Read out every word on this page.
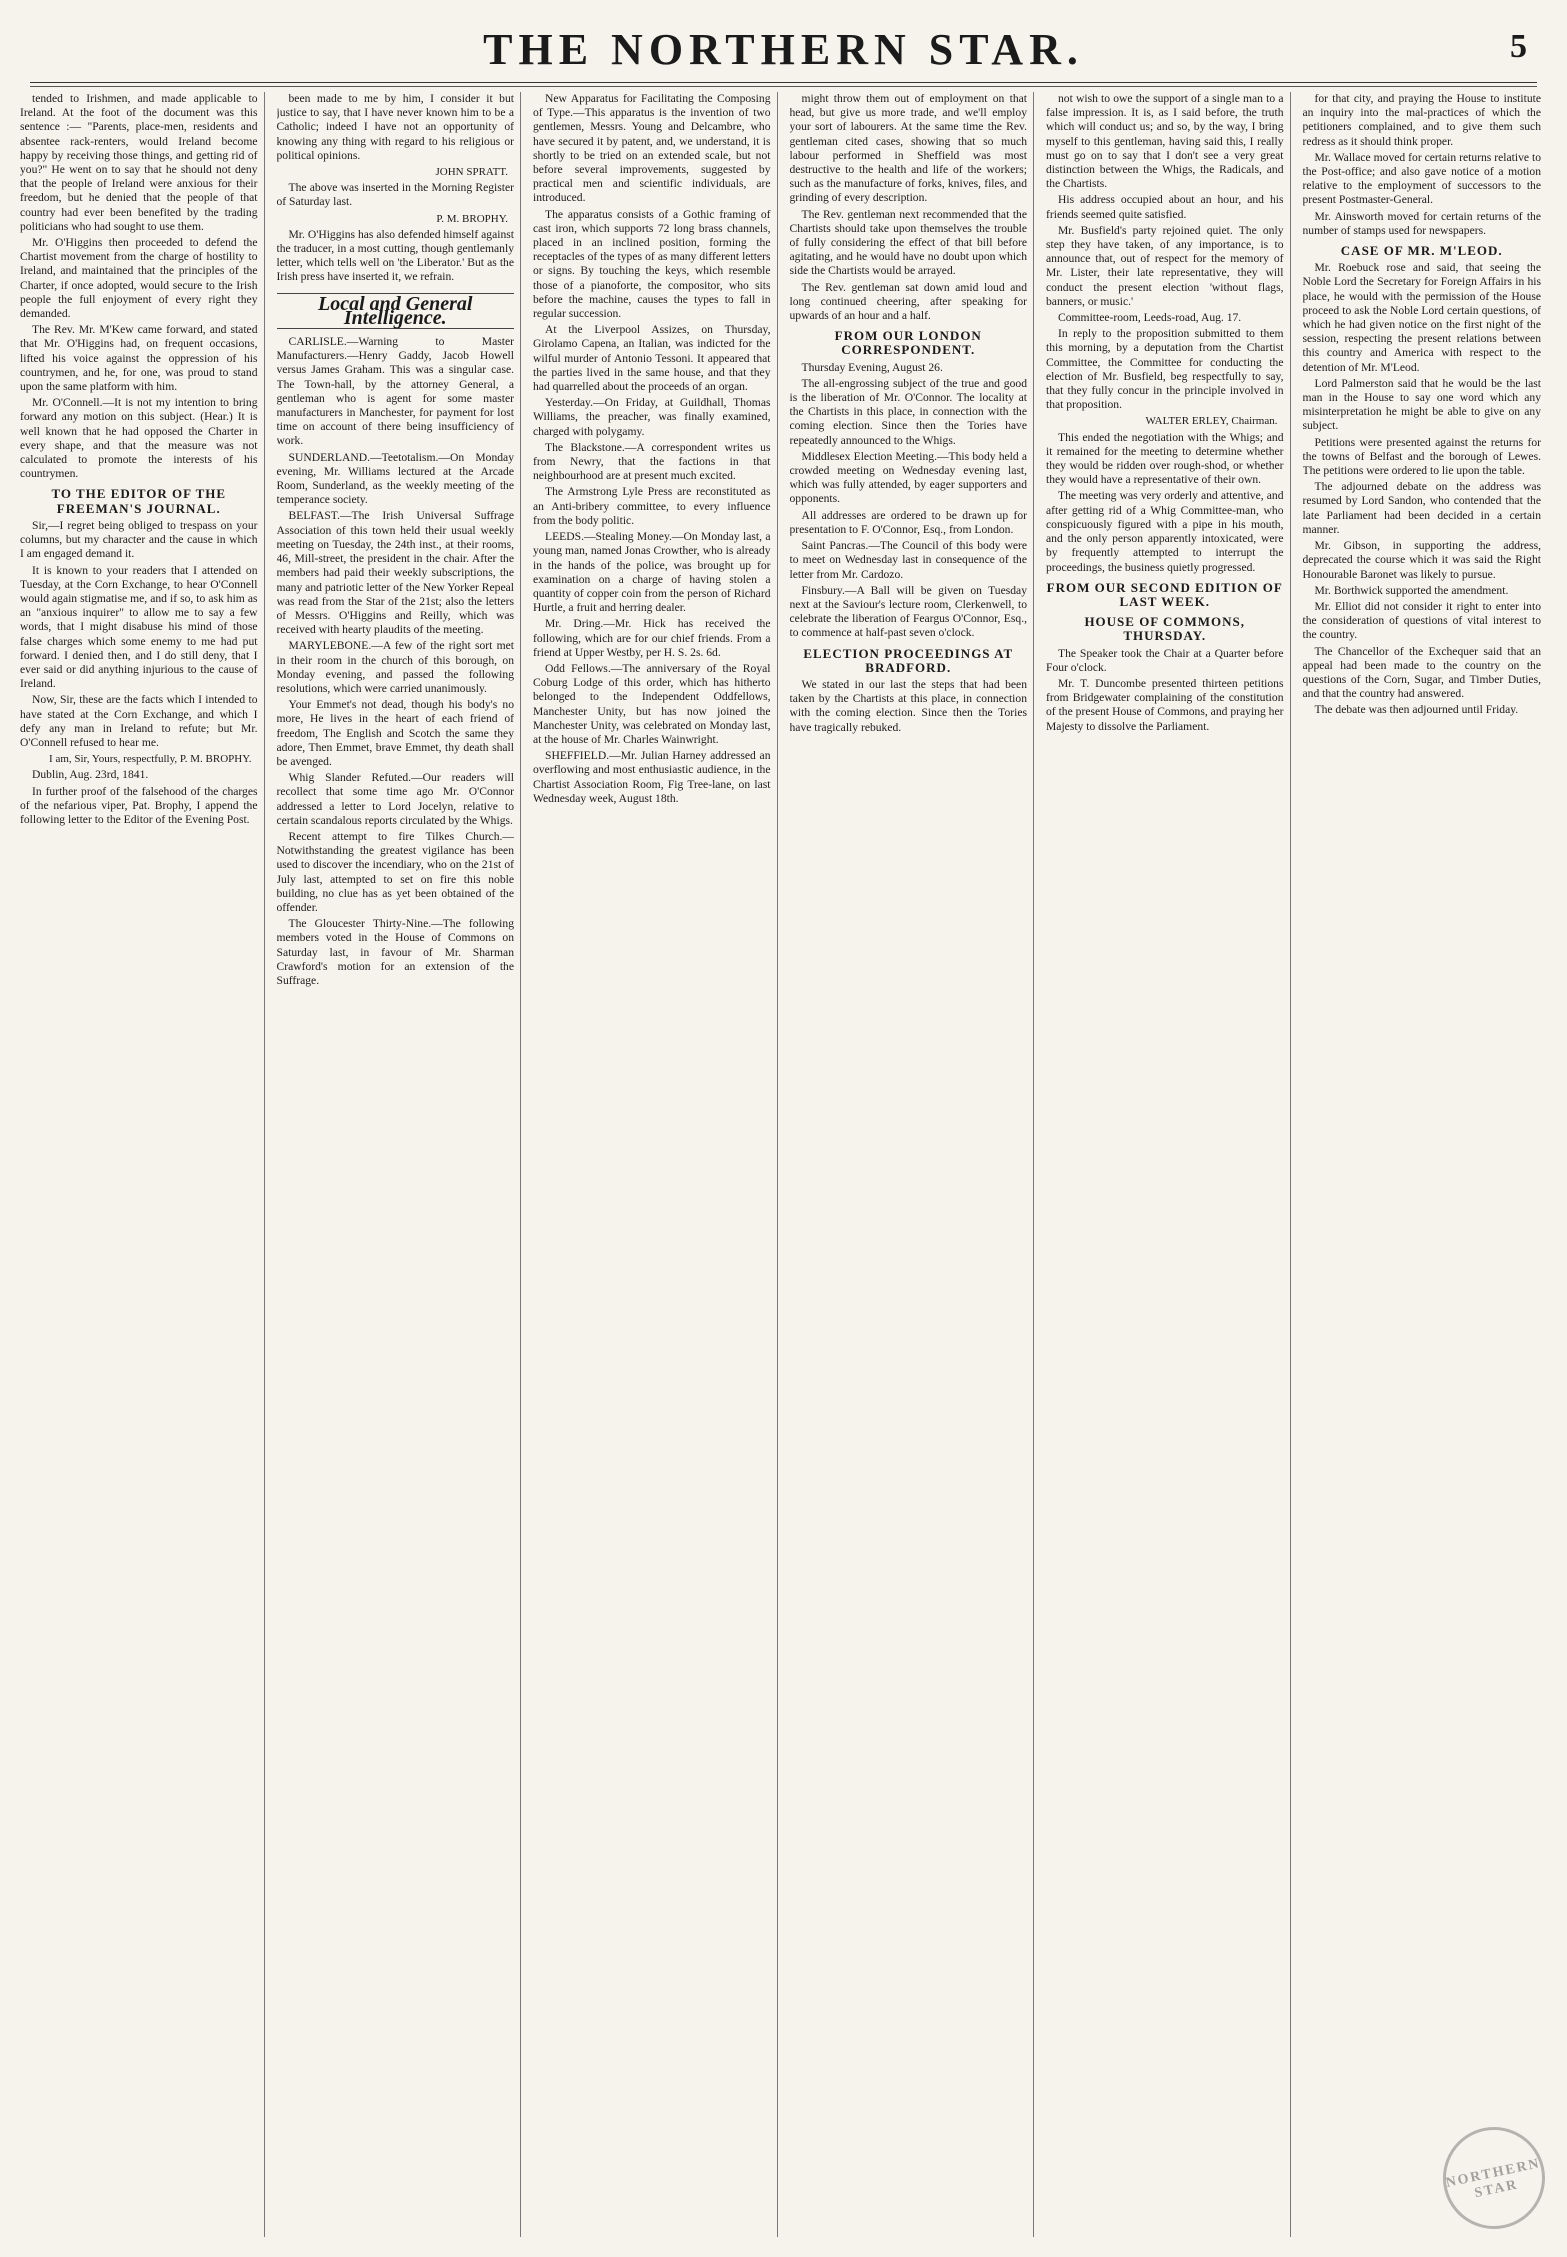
THE NORTHERN STAR.	5

tended to Irishmen, and made applicable to Ireland. At the foot of the document was this sentence :— "Parents, place-men, residents and absentee rack-renters, would Ireland become happy by receiving those things, and getting rid of you?" He went on to say that he should not deny that the people of Ireland were anxious for their freedom, but he denied that the people of that country had ever been benefited by the trading politicians who had sought to use them.

Mr. O'Higgins then proceeded to defend the Chartist movement from the charge of hostility to Ireland, and maintained that the principles of the Charter, if once adopted, would secure to the Irish people the full enjoyment of every right they demanded.

The Rev. Mr. M'Kew came forward, and stated that Mr. O'Higgins had, on frequent occasions, lifted his voice against the oppression of his countrymen, and he, for one, was proud to stand upon the same platform with him.

Mr. O'Connell.—It is not my intention to bring forward any motion on this subject. (Hear.) It is well known that he had opposed the Charter in every shape, and that the measure was not calculated to promote the interests of his countrymen.

TO THE EDITOR OF THE FREEMAN'S JOURNAL.

Sir,—I regret being obliged to trespass on your columns, but my character and the cause in which I am engaged demand it.

It is known to your readers that I attended on Tuesday, at the Corn Exchange, to hear O'Connell would again stigmatise me, and if so, to ask him as an "anxious inquirer" to allow me to say a few words, that I might disabuse his mind of those false charges which some enemy to me had put forward. I denied then, and I do still deny, that I ever said or did anything injurious to the cause of Ireland.

Now, Sir, these are the facts which I intended to have stated at the Corn Exchange, and which I defy any man in Ireland to refute; but Mr. O'Connell refused to hear me.

I am, Sir, Yours, respectfully, P. M. BROPHY.

Dublin, Aug. 23rd, 1841.

In further proof of the falsehood of the charges of the nefarious viper, Pat. Brophy, I append the following letter to the Editor of the Evening Post.

been made to me by him, I consider it but justice to say, that I have never known him to be a Catholic; indeed I have not an opportunity of knowing any thing with regard to his religious or political opinions.

JOHN SPRATT.

The above was inserted in the Morning Register of Saturday last.

P. M. BROPHY.

Mr. O'Higgins has also defended himself against the traducer, in a most cutting, though gentlemanly letter, which tells well on 'the Liberator.' But as the Irish press have inserted it, we refrain.

Local and General Intelligence.

CARLISLE.—Warning to Master Manufacturers.—Henry Gaddy, Jacob Howell versus James Graham. This was a singular case. The Town-hall, by the attorney General, a gentleman who is agent for some master manufacturers in Manchester, for payment for lost time on account of there being insufficiency of work.

SUNDERLAND.—Teetotalism.—On Monday evening, Mr. Williams lectured at the Arcade Room, Sunderland, as the weekly meeting of the temperance society.

BELFAST.—The Irish Universal Suffrage Association of this town held their usual weekly meeting on Tuesday, the 24th inst., at their rooms, 46, Mill-street, the president in the chair. After the members had paid their weekly subscriptions, the many and patriotic letter of the New Yorker Repeal was read from the Star of the 21st; also the letters of Messrs. O'Higgins and Reilly, which was received with hearty plaudits of the meeting.

MARYLEBONE.—A few of the right sort met in their room in the church of this borough, on Monday evening, and passed the following resolutions, which were carried unanimously.

Your Emmet's not dead, though his body's no more, He lives in the heart of each friend of freedom, The English and Scotch the same they adore, Then Emmet, brave Emmet, thy death shall be avenged.

Whig Slander Refuted.—Our readers will recollect that some time ago Mr. O'Connor addressed a letter to Lord Jocelyn, relative to certain scandalous reports circulated by the Whigs.

Recent attempt to fire Tilkes Church.—Notwithstanding the greatest vigilance has been used to discover the incendiary, who on the 21st of July last, attempted to set on fire this noble building, no clue has as yet been obtained of the offender.

The Gloucester Thirty-Nine.—The following members voted in the House of Commons on Saturday last, in favour of Mr. Sharman Crawford's motion for an extension of the Suffrage.

New Apparatus for Facilitating the Composing of Type.—This apparatus is the invention of two gentlemen, Messrs. Young and Delcambre, who have secured it by patent, and, we understand, it is shortly to be tried on an extended scale, but not before several improvements, suggested by practical men and scientific individuals, are introduced.

The apparatus consists of a Gothic framing of cast iron, which supports 72 long brass channels, placed in an inclined position, forming the receptacles of the types of as many different letters or signs. By touching the keys, which resemble those of a pianoforte, the compositor, who sits before the machine, causes the types to fall in regular succession.

At the Liverpool Assizes, on Thursday, Girolamo Capena, an Italian, was indicted for the wilful murder of Antonio Tessoni. It appeared that the parties lived in the same house, and that they had quarrelled about the proceeds of an organ.

Yesterday.—On Friday, at Guildhall, Thomas Williams, the preacher, was finally examined, charged with polygamy.

The Blackstone.—A correspondent writes us from Newry, that the factions in that neighbourhood are at present much excited.

The Armstrong Lyle Press are reconstituted as an Anti-bribery committee, to every influence from the body politic.

LEEDS.—Stealing Money.—On Monday last, a young man, named Jonas Crowther, who is already in the hands of the police, was brought up for examination on a charge of having stolen a quantity of copper coin from the person of Richard Hurtle, a fruit and herring dealer.

Mr. Dring.—Mr. Hick has received the following, which are for our chief friends. From a friend at Upper Westby, per H. S. 2s. 6d.

Odd Fellows.—The anniversary of the Royal Coburg Lodge of this order, which has hitherto belonged to the Independent Oddfellows, Manchester Unity, but has now joined the Manchester Unity, was celebrated on Monday last, at the house of Mr. Charles Wainwright.

SHEFFIELD.—Mr. Julian Harney addressed an overflowing and most enthusiastic audience, in the Chartist Association Room, Fig Tree-lane, on last Wednesday week, August 18th.

might throw them out of employment on that head, but give us more trade, and we'll employ your sort of labourers. At the same time the Rev. gentleman cited cases, showing that so much labour performed in Sheffield was most destructive to the health and life of the workers; such as the manufacture of forks, knives, files, and grinding of every description.

The Rev. gentleman next recommended that the Chartists should take upon themselves the trouble of fully considering the effect of that bill before agitating, and he would have no doubt upon which side the Chartists would be arrayed.

The Rev. gentleman sat down amid loud and long continued cheering, after speaking for upwards of an hour and a half.

FROM OUR LONDON CORRESPONDENT.

Thursday Evening, August 26.

The all-engrossing subject of the true and good is the liberation of Mr. O'Connor. The locality at the Chartists in this place, in connection with the coming election. Since then the Tories have repeatedly announced to the Whigs.

Middlesex Election Meeting.—This body held a crowded meeting on Wednesday evening last, which was fully attended, by eager supporters and opponents.

All addresses are ordered to be drawn up for presentation to F. O'Connor, Esq., from London.

Saint Pancras.—The Council of this body were to meet on Wednesday last in consequence of the letter from Mr. Cardozo.

Finsbury.—A Ball will be given on Tuesday next at the Saviour's lecture room, Clerkenwell, to celebrate the liberation of Feargus O'Connor, Esq., to commence at half-past seven o'clock.

ELECTION PROCEEDINGS AT BRADFORD.

We stated in our last the steps that had been taken by the Chartists at this place, in connection with the coming election. Since then the Tories have tragically rebuked.

not wish to owe the support of a single man to a false impression. It is, as I said before, the truth which will conduct us; and so, by the way, I bring myself to this gentleman, having said this, I really must go on to say that I don't see a very great distinction between the Whigs, the Radicals, and the Chartists.

His address occupied about an hour, and his friends seemed quite satisfied.

Mr. Busfield's party rejoined quiet. The only step they have taken, of any importance, is to announce that, out of respect for the memory of Mr. Lister, their late representative, they will conduct the present election 'without flags, banners, or music.'

Committee-room, Leeds-road, Aug. 17.

In reply to the proposition submitted to them this morning, by a deputation from the Chartist Committee, the Committee for conducting the election of Mr. Busfield, beg respectfully to say, that they fully concur in the principle involved in that proposition.

WALTER ERLEY, Chairman.

This ended the negotiation with the Whigs; and it remained for the meeting to determine whether they would be ridden over rough-shod, or whether they would have a representative of their own.

The meeting was very orderly and attentive, and after getting rid of a Whig Committee-man, who conspicuously figured with a pipe in his mouth, and the only person apparently intoxicated, were by frequently attempted to interrupt the proceedings, the business quietly progressed.

FROM OUR SECOND EDITION OF LAST WEEK.
HOUSE OF COMMONS, THURSDAY.

The Speaker took the Chair at a Quarter before Four o'clock.

Mr. T. Duncombe presented thirteen petitions from Bridgewater complaining of the constitution of the present House of Commons, and praying her Majesty to dissolve the Parliament.

for that city, and praying the House to institute an inquiry into the mal-practices of which the petitioners complained, and to give them such redress as it should think proper.

Mr. Wallace moved for certain returns relative to the Post-office; and also gave notice of a motion relative to the employment of successors to the present Postmaster-General.

Mr. Ainsworth moved for certain returns of the number of stamps used for newspapers.

CASE OF MR. M'LEOD.

Mr. Roebuck rose and said, that seeing the Noble Lord the Secretary for Foreign Affairs in his place, he would with the permission of the House proceed to ask the Noble Lord certain questions, of which he had given notice on the first night of the session, respecting the present relations between this country and America with respect to the detention of Mr. M'Leod.

Lord Palmerston said that he would be the last man in the House to say one word which any misinterpretation he might be able to give on any subject.

Petitions were presented against the returns for the towns of Belfast and the borough of Lewes. The petitions were ordered to lie upon the table.

The adjourned debate on the address was resumed by Lord Sandon, who contended that the late Parliament had been decided in a certain manner.

Mr. Gibson, in supporting the address, deprecated the course which it was said the Right Honourable Baronet was likely to pursue.

Mr. Borthwick supported the amendment.

Mr. Elliot did not consider it right to enter into the consideration of questions of vital interest to the country.

The Chancellor of the Exchequer said that an appeal had been made to the country on the questions of the Corn, Sugar, and Timber Duties, and that the country had answered.

The debate was then adjourned until Friday.

NORTHERN STAR
